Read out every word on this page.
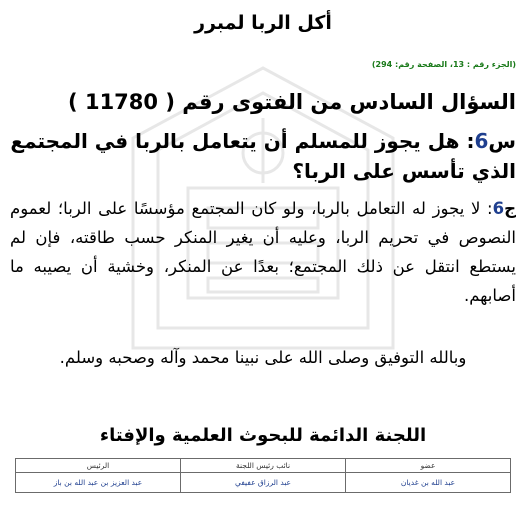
أكل الربا لمبرر
(الجزء رقم : 13، الصفحة رقم: 294)
السؤال السادس من الفتوى رقم ( 11780 )
س6: هل يجوز للمسلم أن يتعامل بالربا في المجتمع الذي تأسس على الربا؟
ج6: لا يجوز له التعامل بالربا، ولو كان المجتمع مؤسسًا على الربا؛ لعموم النصوص في تحريم الربا، وعليه أن يغير المنكر حسب طاقته، فإن لم يستطع انتقل عن ذلك المجتمع؛ بعدًا عن المنكر، وخشية أن يصيبه ما أصابهم.
وبالله التوفيق وصلى الله على نبينا محمد وآله وصحبه وسلم.
اللجنة الدائمة للبحوث العلمية والإفتاء
عضو	نائب رئيس اللجنة	الرئيس
عبد الله بن غديان	عبد الرزاق عفيفي	عبد العزيز بن عبد الله بن باز
